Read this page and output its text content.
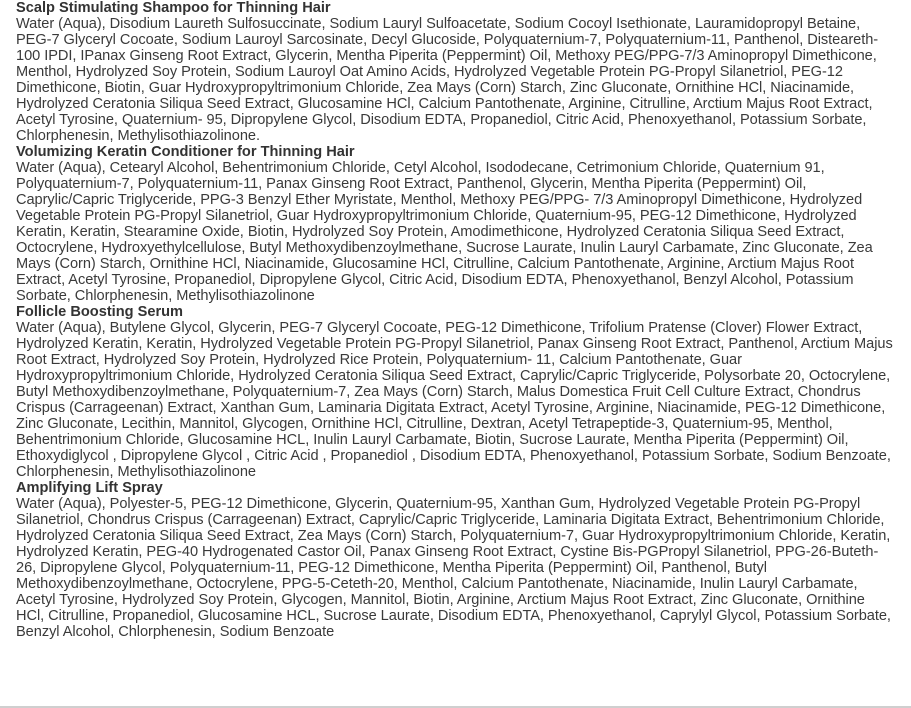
Scalp Stimulating Shampoo for Thinning Hair

Water (Aqua), Disodium Laureth Sulfosuccinate, Sodium Lauryl Sulfoacetate, Sodium Cocoyl Isethionate, Lauramidopropyl Betaine, PEG-7 Glyceryl Cocoate, Sodium Lauroyl Sarcosinate, Decyl Glucoside, Polyquaternium-7, Polyquaternium-11, Panthenol, Distearеth-100 IPDI, IPanax Ginseng Root Extract, Glycerin, Mentha Piperita (Peppermint) Oil, Methoxy PEG/PPG-7/3 Aminopropyl Dimethicone, Menthol, Hydrolyzed Soy Protein, Sodium Lauroyl Oat Amino Acids, Hydrolyzed Vegetable Protein PG-Propyl Silanetriol, PEG-12 Dimethicone, Biotin, Guar Hydroxypropyltrimonium Chloride, Zea Mays (Corn) Starch, Zinc Gluconate, Ornithine HCl, Niacinamide, Hydrolyzed Ceratonia Siliqua Seed Extract, Glucosamine HCl, Calcium Pantothenate, Arginine, Citrulline, Arctium Majus Root Extract, Acetyl Tyrosine, Quaternium- 95, Dipropylene Glycol, Disodium EDTA, Propanediol, Citric Acid, Phenoxyethanol, Potassium Sorbate, Chlorphenesin, Methylisothiazolinone.

Volumizing Keratin Conditioner for Thinning Hair

Water (Aqua), Cetearyl Alcohol, Behentrimonium Chloride, Cetyl Alcohol, Isododecane, Cetrimonium Chloride, Quaternium 91, Polyquaternium-7, Polyquaternium-11, Panax Ginseng Root Extract, Panthenol, Glycerin, Mentha Piperita (Peppermint) Oil, Caprylic/Capric Triglyceride, PPG-3 Benzyl Ether Myristate, Menthol, Methoxy PEG/PPG- 7/3 Aminopropyl Dimethicone, Hydrolyzed Vegetable Protein PG-Propyl Silanetriol, Guar Hydroxypropyltrimonium Chloride, Quaternium-95, PEG-12 Dimethicone, Hydrolyzed Keratin, Keratin, Stearamine Oxide, Biotin, Hydrolyzed Soy Protein, Amodimethicone, Hydrolyzed Ceratonia Siliqua Seed Extract, Octocrylene, Hydroxyethylcellulose, Butyl Methoxydibenzoylmethane, Sucrose Laurate, Inulin Lauryl Carbamate, Zinc Gluconate, Zea Mays (Corn) Starch, Ornithine HCl, Niacinamide, Glucosamine HCl, Citrulline, Calcium Pantothenate, Arginine, Arctium Majus Root Extract, Acetyl Tyrosine, Propanediol, Dipropylene Glycol, Citric Acid, Disodium EDTA, Phenoxyethanol, Benzyl Alcohol, Potassium Sorbate, Chlorphenesin, Methylisothiazolinone

Follicle Boosting Serum

Water (Aqua), Butylene Glycol, Glycerin, PEG-7 Glyceryl Cocoate, PEG-12 Dimethicone, Trifolium Pratense (Clover) Flower Extract, Hydrolyzed Keratin, Keratin, Hydrolyzed Vegetable Protein PG-Propyl Silanetriol, Panax Ginseng Root Extract, Panthenol, Arctium Majus Root Extract, Hydrolyzed Soy Protein, Hydrolyzed Rice Protein, Polyquaternium- 11, Calcium Pantothenate, Guar Hydroxypropyltrimonium Chloride, Hydrolyzed Ceratonia Siliqua Seed Extract, Caprylic/Capric Triglyceride, Polysorbate 20, Octocrylene, Butyl Methoxydibenzoylmethane, Polyquaternium-7, Zea Mays (Corn) Starch, Malus Domestica Fruit Cell Culture Extract, Chondrus Crispus (Carrageenan) Extract, Xanthan Gum, Laminaria Digitata Extract, Acetyl Tyrosine, Arginine, Niacinamide, PEG-12 Dimethicone, Zinc Gluconate, Lecithin, Mannitol, Glycogen, Ornithine HCl, Citrulline, Dextran, Acetyl Tetrapeptide-3, Quaternium-95, Menthol, Behentrimonium Chloride, Glucosamine HCL, Inulin Lauryl Carbamate, Biotin, Sucrose Laurate, Mentha Piperita (Peppermint) Oil, Ethoxydiglycol , Dipropylene Glycol , Citric Acid , Propanediol , Disodium EDTA, Phenoxyethanol, Potassium Sorbate, Sodium Benzoate, Chlorphenesin, Methylisothiazolinone

Amplifying Lift Spray

Water (Aqua), Polyester-5, PEG-12 Dimethicone, Glycerin, Quaternium-95, Xanthan Gum, Hydrolyzed Vegetable Protein PG-Propyl Silanetriol, Chondrus Crispus (Carrageenan) Extract, Caprylic/Capric Triglyceride, Laminaria Digitata Extract, Behentrimonium Chloride, Hydrolyzed Ceratonia Siliqua Seed Extract, Zea Mays (Corn) Starch, Polyquaternium-7, Guar Hydroxypropyltrimonium Chloride, Keratin, Hydrolyzed Keratin, PEG-40 Hydrogenated Castor Oil, Panax Ginseng Root Extract, Cystine Bis-PGPropyl Silanetriol, PPG-26-Buteth-26, Dipropylene Glycol, Polyquaternium-11, PEG-12 Dimethicone, Mentha Piperita (Peppermint) Oil, Panthenol, Butyl Methoxydibenzoylmethane, Octocrylene, PPG-5-Ceteth-20, Menthol, Calcium Pantothenate, Niacinamide, Inulin Lauryl Carbamate, Acetyl Tyrosine, Hydrolyzed Soy Protein, Glycogen, Mannitol, Biotin, Arginine, Arctium Majus Root Extract, Zinc Gluconate, Ornithine HCl, Citrulline, Propanediol, Glucosamine HCL, Sucrose Laurate, Disodium EDTA, Phenoxyethanol, Caprylyl Glycol, Potassium Sorbate, Benzyl Alcohol, Chlorphenesin, Sodium Benzoate
